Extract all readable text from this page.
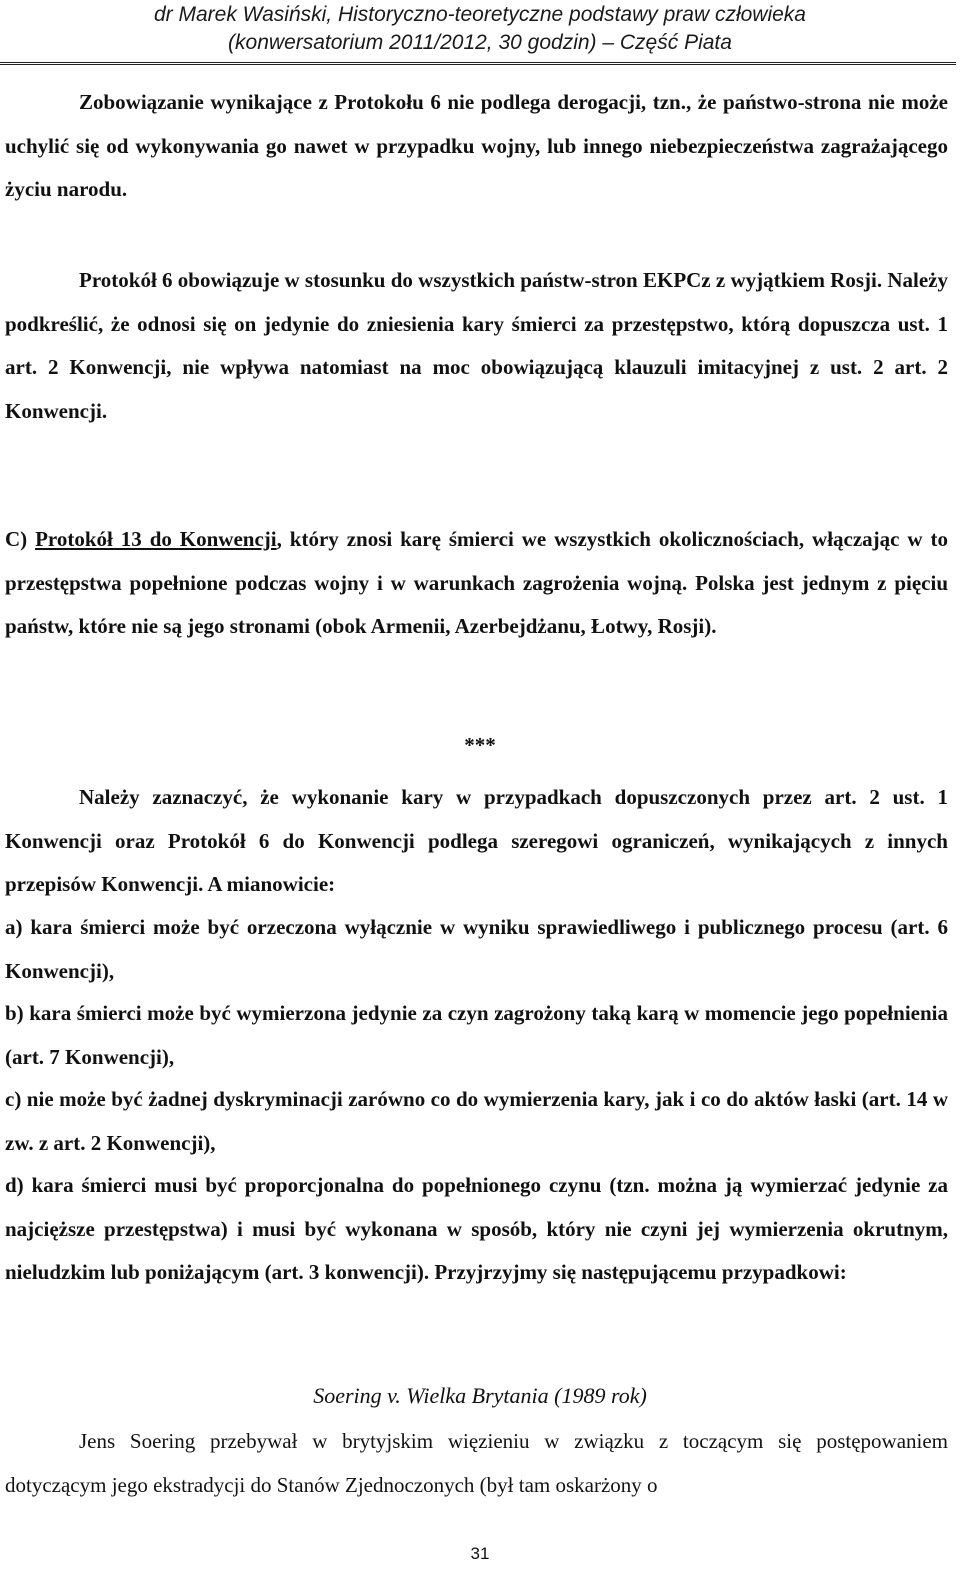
dr Marek Wasiński, Historyczno-teoretyczne podstawy praw człowieka
(konwersatorium 2011/2012, 30 godzin) – Część Piata

Zobowiązanie wynikające z Protokołu 6 nie podlega derogacji, tzn., że państwo-strona nie może uchylić się od wykonywania go nawet w przypadku wojny, lub innego niebezpieczeństwa zagrażającego życiu narodu.

Protokół 6 obowiązuje w stosunku do wszystkich państw-stron EKPCz z wyjątkiem Rosji. Należy podkreślić, że odnosi się on jedynie do zniesienia kary śmierci za przestępstwo, którą dopuszcza ust. 1 art. 2 Konwencji, nie wpływa natomiast na moc obowiązującą klauzuli imitacyjnej z ust. 2 art. 2 Konwencji.

C) Protokół 13 do Konwencji, który znosi karę śmierci we wszystkich okolicznościach, włączając w to przestępstwa popełnione podczas wojny i w warunkach zagrożenia wojną. Polska jest jednym z pięciu państw, które nie są jego stronami (obok Armenii, Azerbejdżanu, Łotwy, Rosji).

***

Należy zaznaczyć, że wykonanie kary w przypadkach dopuszczonych przez art. 2 ust. 1 Konwencji oraz Protokół 6 do Konwencji podlega szeregowi ograniczeń, wynikających z innych przepisów Konwencji. A mianowicie:

a) kara śmierci może być orzeczona wyłącznie w wyniku sprawiedliwego i publicznego procesu (art. 6 Konwencji),

b) kara śmierci może być wymierzona jedynie za czyn zagrożony taką karą w momencie jego popełnienia (art. 7 Konwencji),

c) nie może być żadnej dyskryminacji zarówno co do wymierzenia kary, jak i co do aktów łaski (art. 14 w zw. z art. 2 Konwencji),

d) kara śmierci musi być proporcjonalna do popełnionego czynu (tzn. można ją wymierzać jedynie za najcięższe przestępstwa) i musi być wykonana w sposób, który nie czyni jej wymierzenia okrutnym, nieludzkim lub poniżającym (art. 3 konwencji). Przyjrzyjmy się następującemu przypadkowi:

Soering v. Wielka Brytania (1989 rok)

Jens Soering przebywał w brytyjskim więzieniu w związku z toczącym się postępowaniem dotyczącym jego ekstradycji do Stanów Zjednoczonych (był tam oskarżony o

31
